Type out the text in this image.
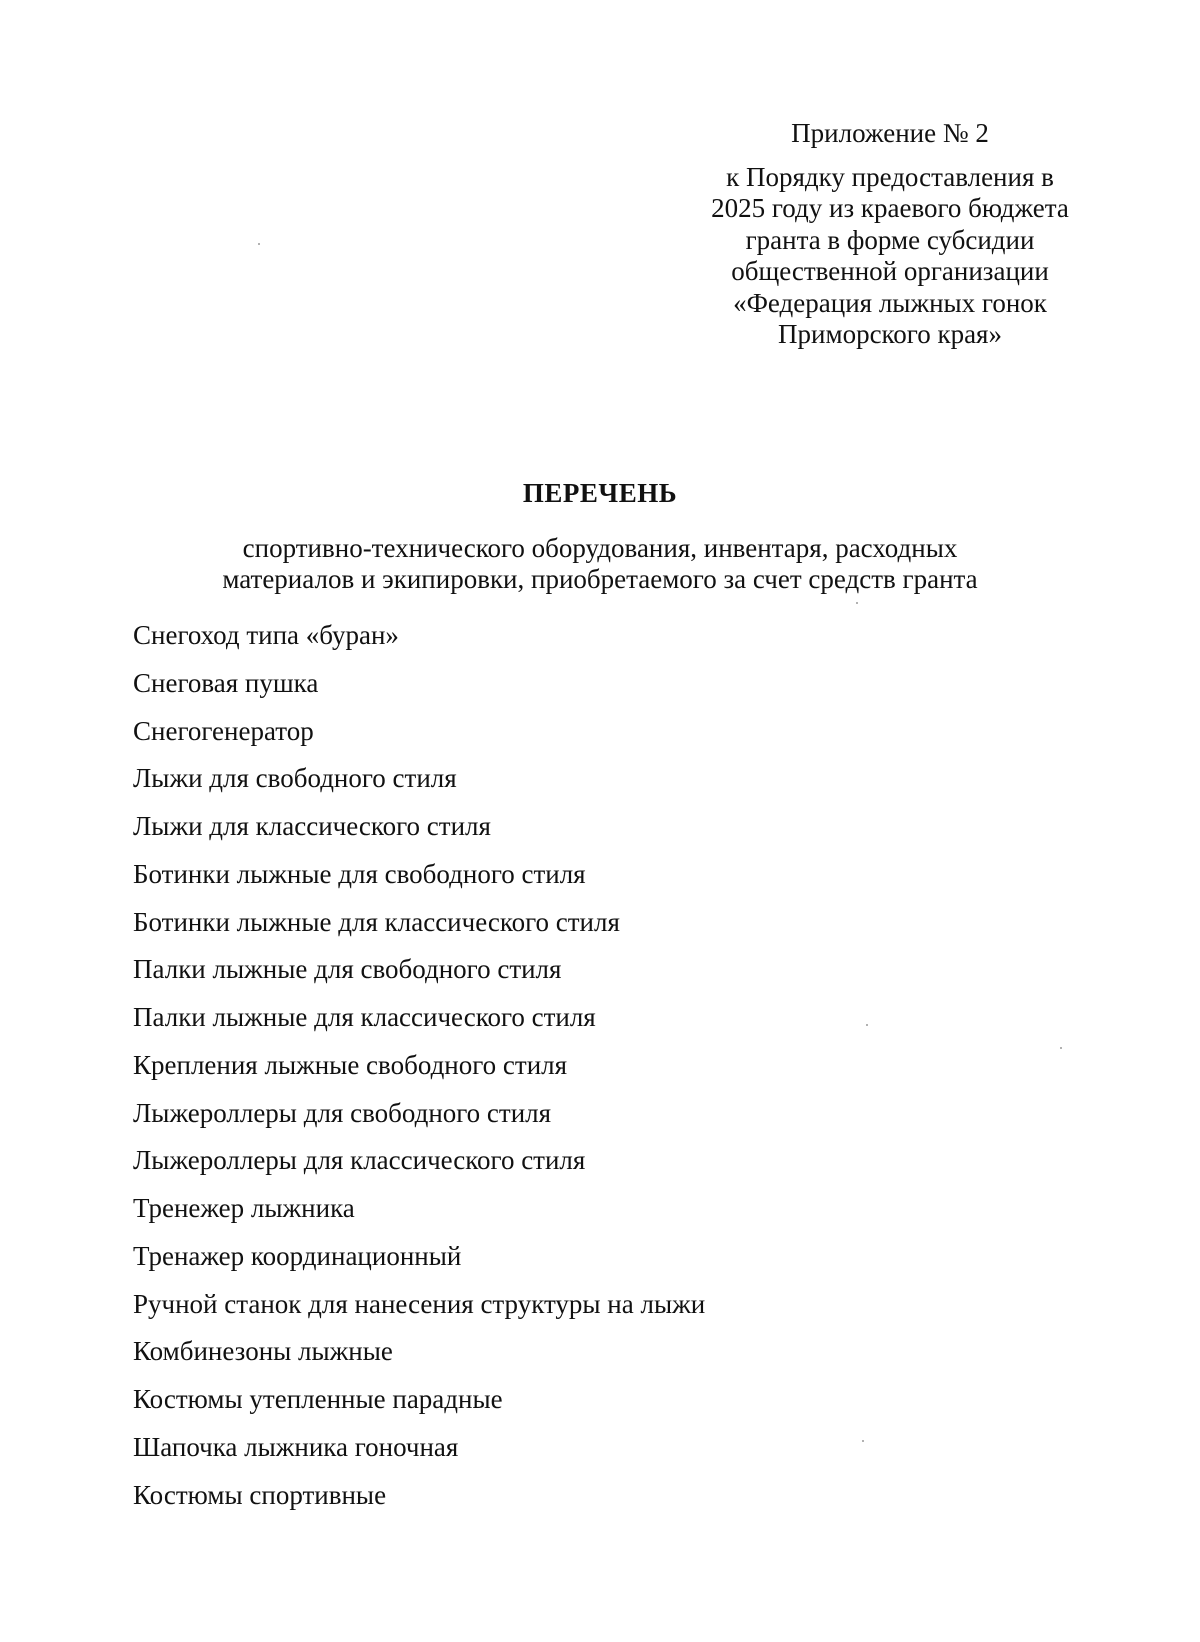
Приложение № 2

к Порядку предоставления в
2025 году из краевого бюджета
гранта в форме субсидии
общественной организации
«Федерация лыжных гонок
Приморского края»

ПЕРЕЧЕНЬ
спортивно-технического оборудования, инвентаря, расходных
материалов и экипировки, приобретаемого за счет средств гранта
Снегоход типа «буран»
Снеговая пушка
Снегогенератор
Лыжи для свободного стиля
Лыжи для классического стиля
Ботинки лыжные для свободного стиля
Ботинки лыжные для классического стиля
Палки лыжные для свободного стиля
Палки лыжные для классического стиля
Крепления лыжные свободного стиля
Лыжероллеры для свободного стиля
Лыжероллеры для классического стиля
Тренежер лыжника
Тренажер координационный
Ручной станок для нанесения структуры на лыжи
Комбинезоны лыжные
Костюмы утепленные парадные
Шапочка лыжника гоночная
Костюмы спортивные
